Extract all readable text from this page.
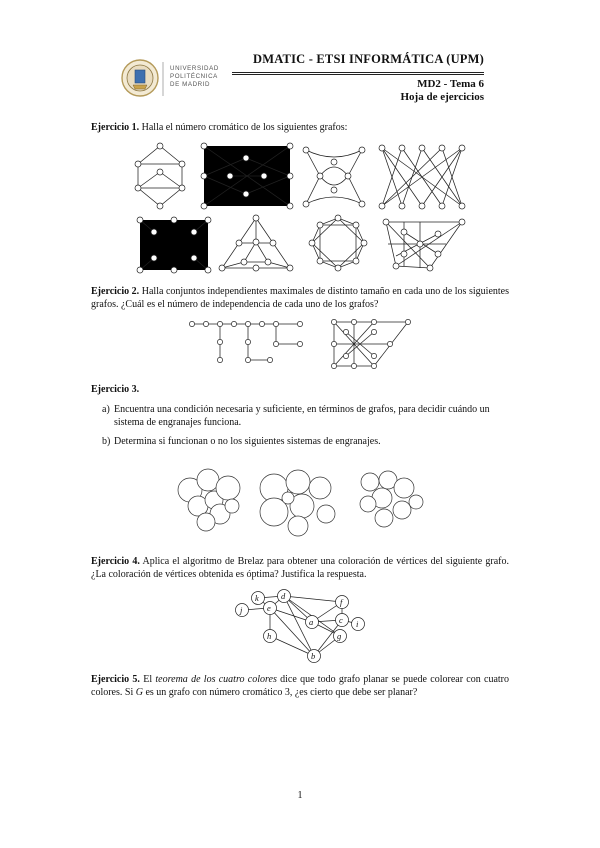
UNIVERSIDAD
POLITÉCNICA
DE MADRID
DMATIC - ETSI INFORMÁTICA (UPM)
MD2 - Tema 6
Hoja de ejercicios
Ejercicio 1. Halla el número cromático de los siguientes grafos:
Ejercicio 2. Halla conjuntos independientes maximales de distinto tamaño en cada uno de los siguientes grafos. ¿Cuál es el número de independencia de cada uno de los grafos?
Ejercicio 3.
a) Encuentra una condición necesaria y suficiente, en términos de grafos, para decidir cuándo un sistema de engranajes funciona.
b) Determina si funcionan o no los siguientes sistemas de engranajes.
Ejercicio 4. Aplica el algoritmo de Brelaz para obtener una coloración de vértices del siguiente grafo. ¿La coloración de vértices obtenida es óptima? Justifica la respuesta.
k	d
j	e
f
a	c i
h	g
b
Ejercicio 5. El teorema de los cuatro colores dice que todo grafo planar se puede colorear con cuatro colores. Si G es un grafo con número cromático 3, ¿es cierto que debe ser planar?
1
